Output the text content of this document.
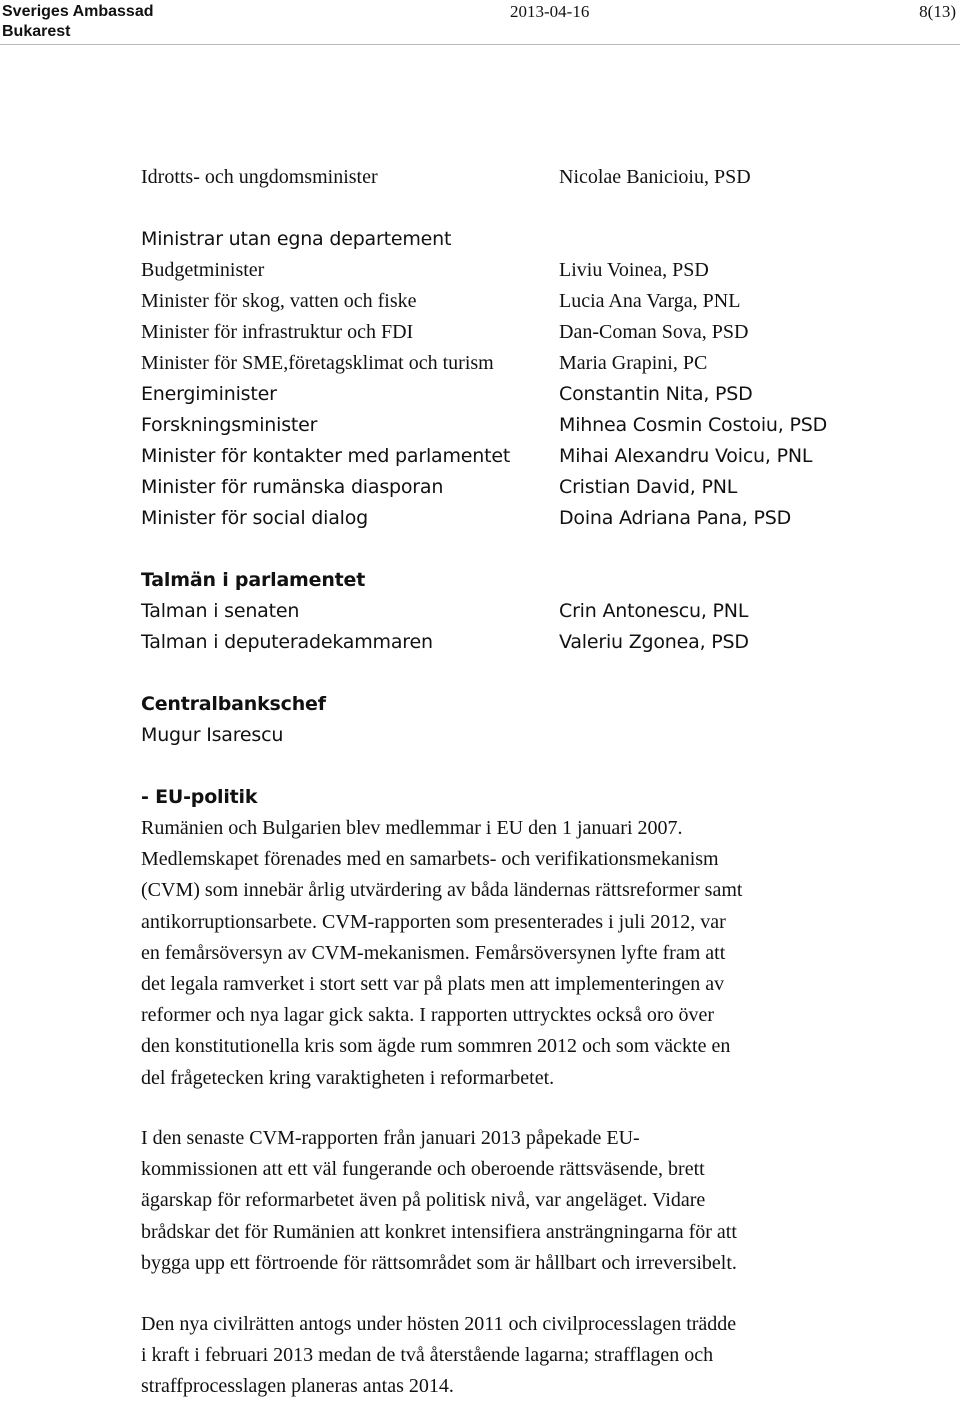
Sveriges Ambassad
Bukarest
2013-04-16	8(13)
Idrotts- och ungdomsminister	Nicolae Banicioiu, PSD
Ministrar utan egna departement
Budgetminister	Liviu Voinea, PSD
Minister för skog, vatten och fiske	Lucia Ana Varga, PNL
Minister för infrastruktur och FDI	Dan-Coman Sova, PSD
Minister för SME,företagsklimat och turism	Maria Grapini, PC
Energiminister	Constantin Nita, PSD
Forskningsminister	Mihnea Cosmin Costoiu, PSD
Minister för kontakter med parlamentet	Mihai Alexandru Voicu, PNL
Minister för rumänska diasporan	Cristian David, PNL
Minister för social dialog	Doina Adriana Pana, PSD
Talmän i parlamentet
Talman i senaten	Crin Antonescu, PNL
Talman i deputeradekammaren	Valeriu Zgonea, PSD
Centralbankschef
Mugur Isarescu
- EU-politik

Rumänien och Bulgarien blev medlemmar i EU den 1 januari 2007.

Medlemskapet förenades med en samarbets- och verifikationsmekanism

(CVM) som innebär årlig utvärdering av båda ländernas rättsreformer samt

antikorruptionsarbete. CVM-rapporten som presenterades i juli 2012, var

en femårsöversyn av CVM-mekanismen. Femårsöversynen lyfte fram att

det legala ramverket i stort sett var på plats men att implementeringen av

reformer och nya lagar gick sakta. I rapporten uttrycktes också oro över

den konstitutionella kris som ägde rum sommren 2012 och som väckte en

del frågetecken kring varaktigheten i reformarbetet.

I den senaste CVM-rapporten från januari 2013 påpekade EU-

kommissionen att ett väl fungerande och oberoende rättsväsende, brett

ägarskap för reformarbetet även på politisk nivå, var angeläget. Vidare

brådskar det för Rumänien att konkret intensifiera ansträngningarna för att

bygga upp ett förtroende för rättsområdet som är hållbart och irreversibelt.

Den nya civilrätten antogs under hösten 2011 och civilprocesslagen trädde

i kraft i februari 2013 medan de två återstående lagarna; strafflagen och

straffprocesslagen planeras antas 2014.
